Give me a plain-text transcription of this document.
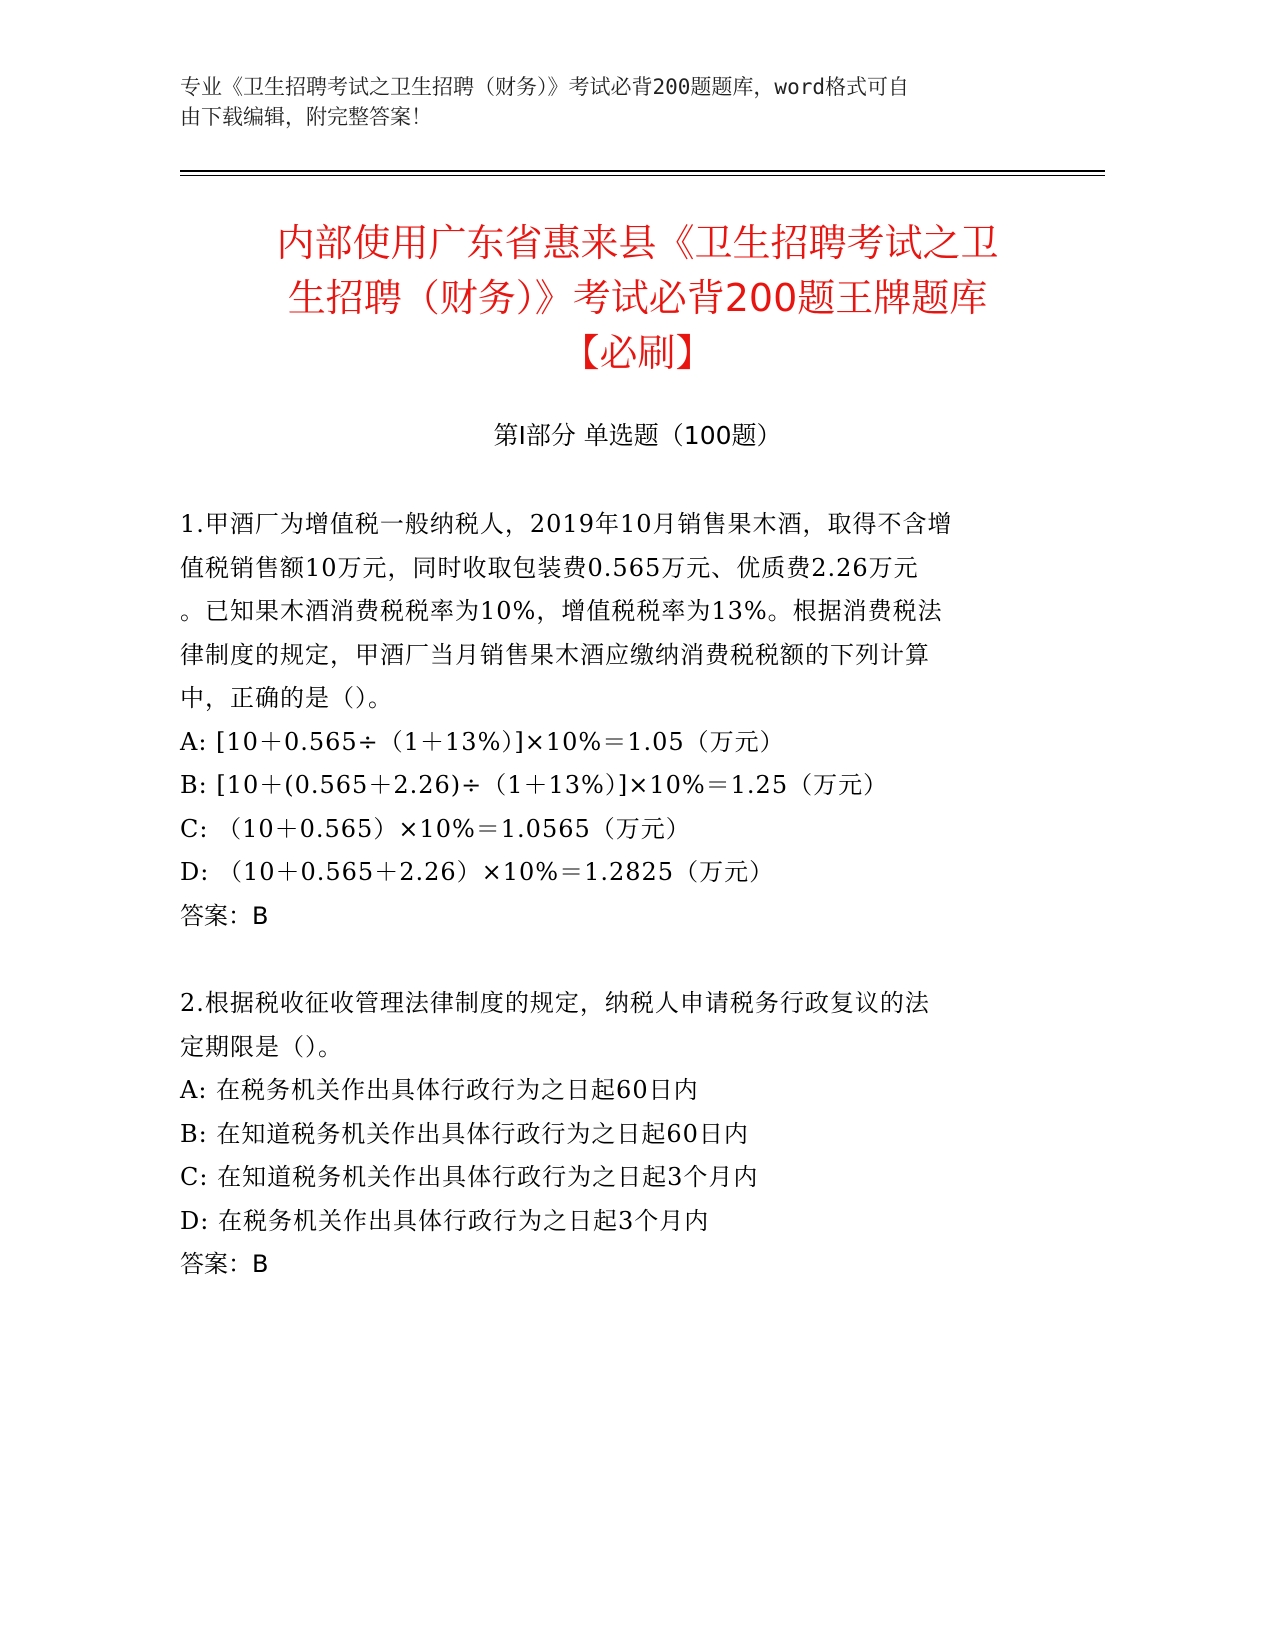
专业《卫生招聘考试之卫生招聘（财务）》考试必背200题题库，word格式可自
由下载编辑，附完整答案！
内部使用广东省惠来县《卫生招聘考试之卫
生招聘（财务）》考试必背200题王牌题库
【必刷】
第Ⅰ部分 单选题（100题）

1.甲酒厂为增值税一般纳税人，2019年10月销售果木酒，取得不含增
值税销售额10万元，同时收取包装费0.565万元、优质费2.26万元
。已知果木酒消费税税率为10%，增值税税率为13%。根据消费税法
律制度的规定，甲酒厂当月销售果木酒应缴纳消费税税额的下列计算
中，正确的是（）。

A: [10＋0.565÷（1＋13%）]×10%＝1.05（万元）

B: [10＋(0.565＋2.26)÷（1＋13%）]×10%＝1.25（万元）

C: （10＋0.565）×10%＝1.0565（万元）

D: （10＋0.565＋2.26）×10%＝1.2825（万元）

答案：B

2.根据税收征收管理法律制度的规定，纳税人申请税务行政复议的法
定期限是（）。

A: 在税务机关作出具体行政行为之日起60日内

B: 在知道税务机关作出具体行政行为之日起60日内

C: 在知道税务机关作出具体行政行为之日起3个月内

D: 在税务机关作出具体行政行为之日起3个月内

答案：B
